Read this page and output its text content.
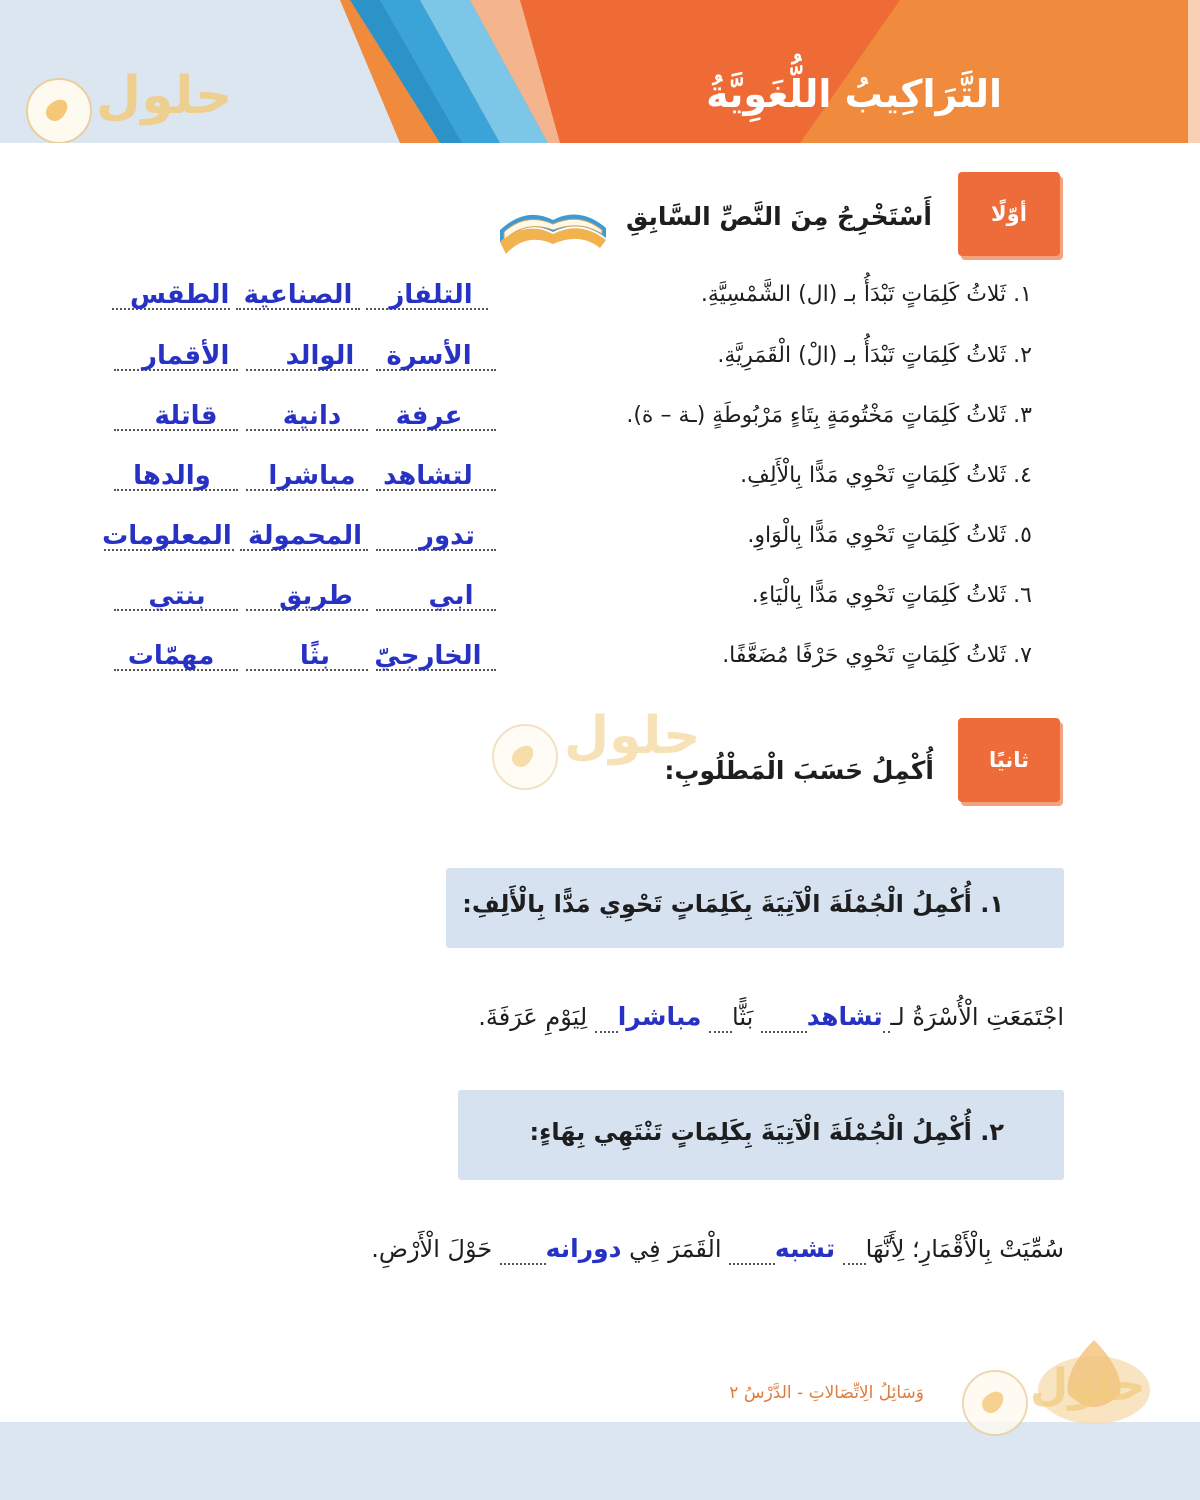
التَّرَاكِيبُ اللُّغَوِيَّةُ
حلول
أوّلًا
أَسْتَخْرِجُ مِنَ النَّصِّ السَّابِقِ
١. ثَلاثُ كَلِمَاتٍ تَبْدَأُ بـ (ال) الشَّمْسِيَّةِ.
التلفاز
الصناعية
الطقس
٢. ثَلاثُ كَلِمَاتٍ تَبْدَأُ بـ (الْ) الْقَمَرِيَّةِ.
الأسرة
الوالد
الأقمار
٣. ثَلاثُ كَلِمَاتٍ مَخْتُومَةٍ بِتَاءٍ مَرْبُوطَةٍ (ـة – ة).
عرفة
دانية
قاتلة
٤. ثَلاثُ كَلِمَاتٍ تَحْوِي مَدًّا بِالْأَلِفِ.
لتشاهد
مباشرا
والدها
٥. ثَلاثُ كَلِمَاتٍ تَحْوِي مَدًّا بِالْوَاوِ.
تدور
المحمولة
المعلومات
٦. ثَلاثُ كَلِمَاتٍ تَحْوِي مَدًّا بِالْيَاءِ.
ابي
طريق
بنتي
٧. ثَلاثُ كَلِمَاتٍ تَحْوِي حَرْفًا مُضَعَّفًا.
الخارجيّ
بثًا
مهمّات
ثانيًا
حلول
أُكْمِلُ حَسَبَ الْمَطْلُوبِ:
١. أُكْمِلُ الْجُمْلَةَ الْآتِيَةَ بِكَلِمَاتٍ تَحْوِي مَدًّا بِالْأَلِفِ:
اجْتَمَعَتِ الْأُسْرَةُ لـ تشاهد       بَثًّا    مباشرا    لِيَوْمِ عَرَفَةَ.
٢. أُكْمِلُ الْجُمْلَةَ الْآتِيَةَ بِكَلِمَاتٍ تَنْتَهِي بِهَاءٍ:
سُمِّيَتْ بِالْأَقْمَارِ؛ لِأَنَّهَا    تشبه       الْقَمَرَ فِي دورانه       حَوْلَ الْأَرْضِ.
وَسَائِلُ الِاتِّصَالاتِ - الدَّرْسُ ٢ حلول
